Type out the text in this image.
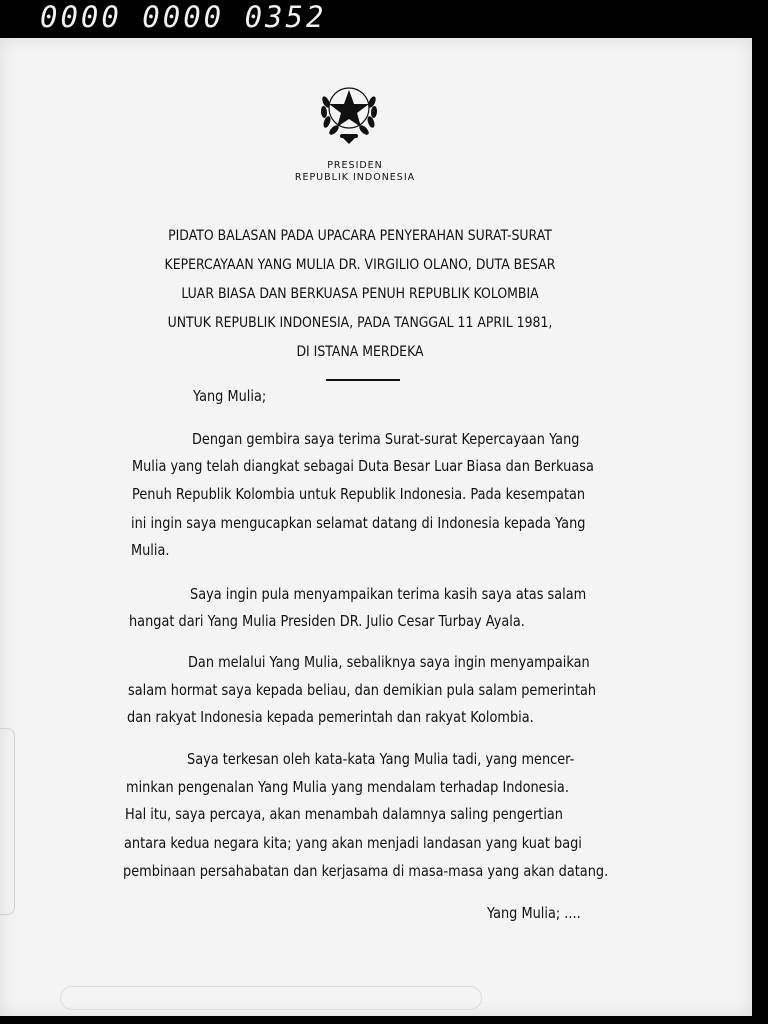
0000 0000 0352
PRESIDEN
REPUBLIK INDONESIA
PIDATO BALASAN PADA UPACARA PENYERAHAN SURAT-SURAT
KEPERCAYAAN YANG MULIA DR. VIRGILIO OLANO, DUTA BESAR
LUAR BIASA DAN BERKUASA PENUH REPUBLIK KOLOMBIA
UNTUK REPUBLIK INDONESIA, PADA TANGGAL 11 APRIL 1981,
DI ISTANA MERDEKA
Yang Mulia;
Dengan gembira saya terima Surat-surat Kepercayaan Yang
Mulia yang telah diangkat sebagai Duta Besar Luar Biasa dan Berkuasa
Penuh Republik Kolombia untuk Republik Indonesia. Pada kesempatan
ini ingin saya mengucapkan selamat datang di Indonesia kepada Yang
Mulia.
Saya ingin pula menyampaikan terima kasih saya atas salam
hangat dari Yang Mulia Presiden DR. Julio Cesar Turbay Ayala.
Dan melalui Yang Mulia, sebaliknya saya ingin menyampaikan
salam hormat saya kepada beliau, dan demikian pula salam pemerintah
dan rakyat Indonesia kepada pemerintah dan rakyat Kolombia.
Saya terkesan oleh kata-kata Yang Mulia tadi, yang mencer-
minkan pengenalan Yang Mulia yang mendalam terhadap Indonesia.
Hal itu, saya percaya, akan menambah dalamnya saling pengertian
antara kedua negara kita; yang akan menjadi landasan yang kuat bagi
pembinaan persahabatan dan kerjasama di masa-masa yang akan datang.
Yang Mulia; ....
